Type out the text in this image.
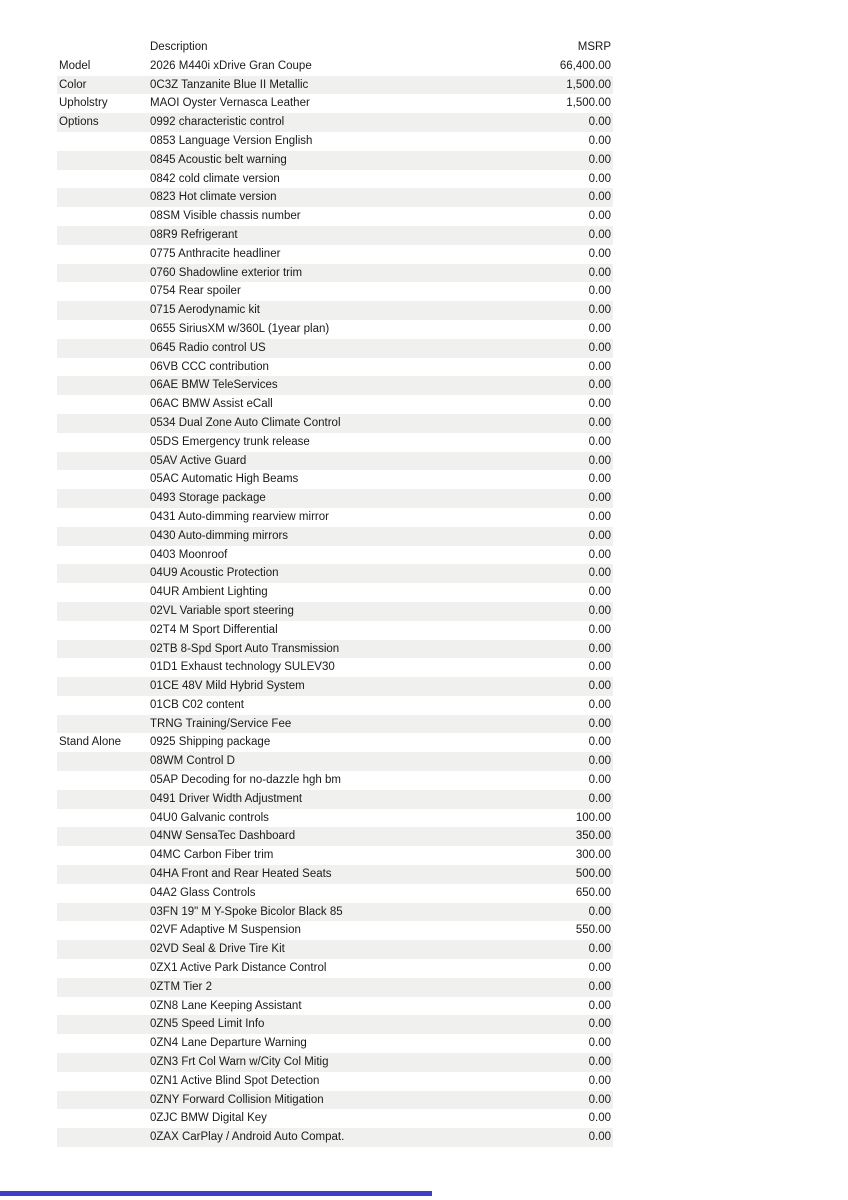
	Description	MSRP
Model	2026 M440i xDrive Gran Coupe	66,400.00
Color	0C3Z Tanzanite Blue II Metallic	1,500.00
Upholstry	MAOI Oyster Vernasca Leather	1,500.00
Options	0992 characteristic control	0.00
	0853 Language Version English	0.00
	0845 Acoustic belt warning	0.00
	0842 cold climate version	0.00
	0823 Hot climate version	0.00
	08SM Visible chassis number	0.00
	08R9 Refrigerant	0.00
	0775 Anthracite headliner	0.00
	0760 Shadowline exterior trim	0.00
	0754 Rear spoiler	0.00
	0715 Aerodynamic kit	0.00
	0655 SiriusXM w/360L (1year plan)	0.00
	0645 Radio control US	0.00
	06VB CCC contribution	0.00
	06AE BMW TeleServices	0.00
	06AC BMW Assist eCall	0.00
	0534 Dual Zone Auto Climate Control	0.00
	05DS Emergency trunk release	0.00
	05AV Active Guard	0.00
	05AC Automatic High Beams	0.00
	0493 Storage package	0.00
	0431 Auto-dimming rearview mirror	0.00
	0430 Auto-dimming mirrors	0.00
	0403 Moonroof	0.00
	04U9 Acoustic Protection	0.00
	04UR Ambient Lighting	0.00
	02VL Variable sport steering	0.00
	02T4 M Sport Differential	0.00
	02TB 8-Spd Sport Auto Transmission	0.00
	01D1 Exhaust technology SULEV30	0.00
	01CE 48V Mild Hybrid System	0.00
	01CB C02 content	0.00
	TRNG Training/Service Fee	0.00
Stand Alone	0925 Shipping package	0.00
	08WM Control D	0.00
	05AP Decoding for no-dazzle hgh bm	0.00
	0491 Driver Width Adjustment	0.00
	04U0 Galvanic controls	100.00
	04NW SensaTec Dashboard	350.00
	04MC Carbon Fiber trim	300.00
	04HA Front and Rear Heated Seats	500.00
	04A2 Glass Controls	650.00
	03FN 19" M Y-Spoke Bicolor Black 85	0.00
	02VF Adaptive M Suspension	550.00
	02VD Seal & Drive Tire Kit	0.00
	0ZX1 Active Park Distance Control	0.00
	0ZTM Tier 2	0.00
	0ZN8 Lane Keeping Assistant	0.00
	0ZN5 Speed Limit Info	0.00
	0ZN4 Lane Departure Warning	0.00
	0ZN3 Frt Col Warn w/City Col Mitig	0.00
	0ZN1 Active Blind Spot Detection	0.00
	0ZNY Forward Collision Mitigation	0.00
	0ZJC BMW Digital Key	0.00
	0ZAX CarPlay / Android Auto Compat.	0.00
